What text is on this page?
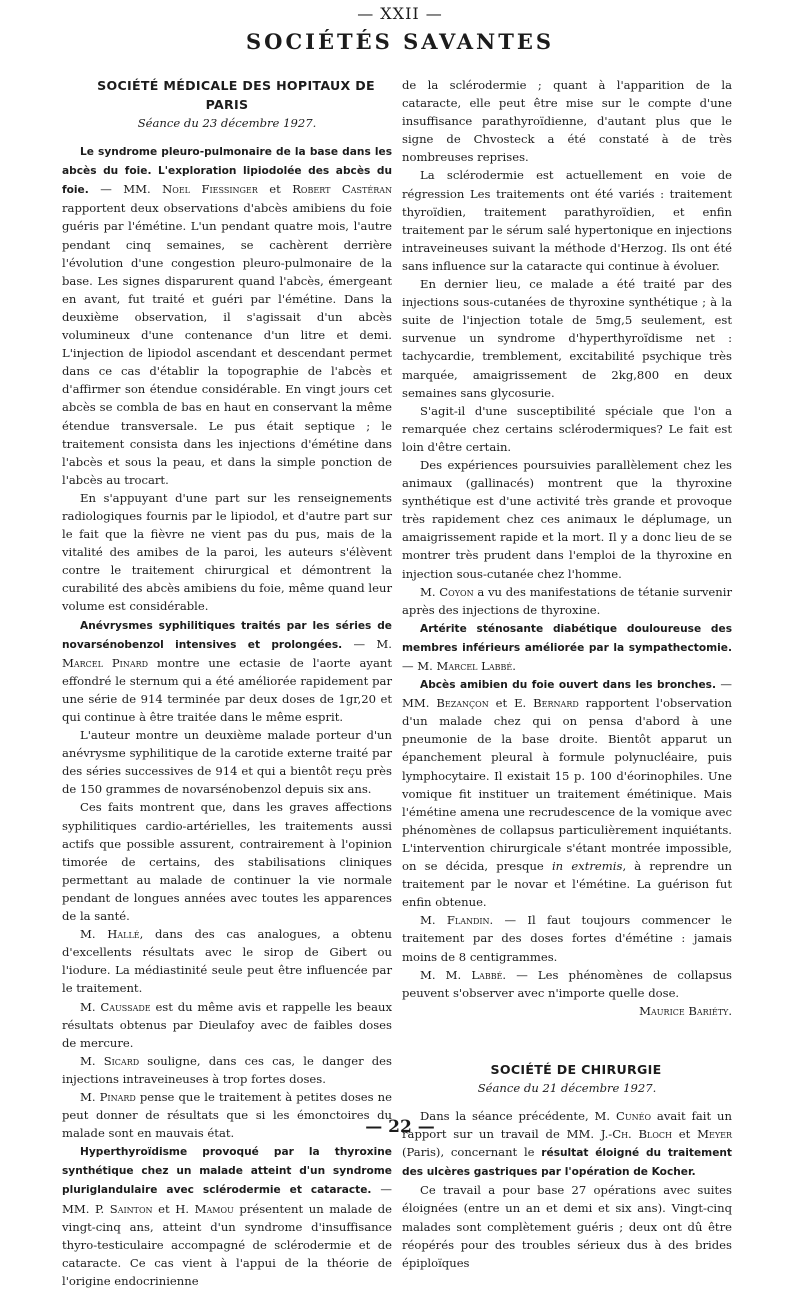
— XXII —
SOCIÉTÉS SAVANTES

SOCIÉTÉ MÉDICALE DES HOPITAUX DE PARIS

Séance du 23 décembre 1927.

Le syndrome pleuro-pulmonaire de la base dans les abcès du foie. L'exploration lipiodolée des abcès du foie. — MM. Noel Fiessinger et Robert Castéran rapportent deux observations d'abcès amibiens du foie guéris par l'émétine. L'un pendant quatre mois, l'autre pendant cinq semaines, se cachèrent derrière l'évolution d'une congestion pleuro-pulmonaire de la base. Les signes disparurent quand l'abcès, émergeant en avant, fut traité et guéri par l'émétine. Dans la deuxième observation, il s'agissait d'un abcès volumineux d'une contenance d'un litre et demi. L'injection de lipiodol ascendant et descendant permet dans ce cas d'établir la topographie de l'abcès et d'affirmer son étendue considérable. En vingt jours cet abcès se combla de bas en haut en conservant la même étendue transversale. Le pus était septique ; le traitement consista dans les injections d'émétine dans l'abcès et sous la peau, et dans la simple ponction de l'abcès au trocart.

En s'appuyant d'une part sur les renseignements radiologiques fournis par le lipiodol, et d'autre part sur le fait que la fièvre ne vient pas du pus, mais de la vitalité des amibes de la paroi, les auteurs s'élèvent contre le traitement chirurgical et démontrent la curabilité des abcès amibiens du foie, même quand leur volume est considérable.

Anévrysmes syphilitiques traités par les séries de novarsénobenzol intensives et prolongées. — M. Marcel Pinard montre une ectasie de l'aorte ayant effondré le sternum qui a été améliorée rapidement par une série de 914 terminée par deux doses de 1gr,20 et qui continue à être traitée dans le même esprit.

L'auteur montre un deuxième malade porteur d'un anévrysme syphilitique de la carotide externe traité par des séries successives de 914 et qui a bientôt reçu près de 150 grammes de novarsénobenzol depuis six ans.

Ces faits montrent que, dans les graves affections syphilitiques cardio-artérielles, les traitements aussi actifs que possible assurent, contrairement à l'opinion timorée de certains, des stabilisations cliniques permettant au malade de continuer la vie normale pendant de longues années avec toutes les apparences de la santé.

M. Hallé, dans des cas analogues, a obtenu d'excellents résultats avec le sirop de Gibert ou l'iodure. La médiastinité seule peut être influencée par le traitement.

M. Caussade est du même avis et rappelle les beaux résultats obtenus par Dieulafoy avec de faibles doses de mercure.

M. Sicard souligne, dans ces cas, le danger des injections intraveineuses à trop fortes doses.

M. Pinard pense que le traitement à petites doses ne peut donner de résultats que si les émonctoires du malade sont en mauvais état.

Hyperthyroïdisme provoqué par la thyroxine synthétique chez un malade atteint d'un syndrome pluriglandulaire avec sclérodermie et cataracte. — MM. P. Sainton et H. Mamou présentent un malade de vingt-cinq ans, atteint d'un syndrome d'insuffisance thyro-testiculaire accompagné de sclérodermie et de cataracte. Ce cas vient à l'appui de la théorie de l'origine endocrinienne

de la sclérodermie ; quant à l'apparition de la cataracte, elle peut être mise sur le compte d'une insuffisance parathyroïdienne, d'autant plus que le signe de Chvosteck a été constaté à de très nombreuses reprises.

La sclérodermie est actuellement en voie de régression Les traitements ont été variés : traitement thyroïdien, traitement parathyroïdien, et enfin traitement par le sérum salé hypertonique en injections intraveineuses suivant la méthode d'Herzog. Ils ont été sans influence sur la cataracte qui continue à évoluer.

En dernier lieu, ce malade a été traité par des injections sous-cutanées de thyroxine synthétique ; à la suite de l'injection totale de 5mg,5 seulement, est survenue un syndrome d'hyperthyroïdisme net : tachycardie, tremblement, excitabilité psychique très marquée, amaigrissement de 2kg,800 en deux semaines sans glycosurie.

S'agit-il d'une susceptibilité spéciale que l'on a remarquée chez certains sclérodermiques? Le fait est loin d'être certain.

Des expériences poursuivies parallèlement chez les animaux (gallinacés) montrent que la thyroxine synthétique est d'une activité très grande et provoque très rapidement chez ces animaux le déplumage, un amaigrissement rapide et la mort. Il y a donc lieu de se montrer très prudent dans l'emploi de la thyroxine en injection sous-cutanée chez l'homme.

M. Coyon a vu des manifestations de tétanie survenir après des injections de thyroxine.

Artérite sténosante diabétique douloureuse des membres inférieurs améliorée par la sympathectomie. — M. Marcel Labbé.

Abcès amibien du foie ouvert dans les bronches. — MM. Bezançon et E. Bernard rapportent l'observation d'un malade chez qui on pensa d'abord à une pneumonie de la base droite. Bientôt apparut un épanchement pleural à formule polynucléaire, puis lymphocytaire. Il existait 15 p. 100 d'éorinophiles. Une vomique fit instituer un traitement émétinique. Mais l'émétine amena une recrudescence de la vomique avec phénomènes de collapsus particulièrement inquiétants. L'intervention chirurgicale s'étant montrée impossible, on se décida, presque in extremis, à reprendre un traitement par le novar et l'émétine. La guérison fut enfin obtenue.

M. Flandin. — Il faut toujours commencer le traitement par des doses fortes d'émétine : jamais moins de 8 centigrammes.

M. M. Labbé. — Les phénomènes de collapsus peuvent s'observer avec n'importe quelle dose.

Maurice Bariéty.

SOCIÉTÉ DE CHIRURGIE

Séance du 21 décembre 1927.

Dans la séance précédente, M. Cunéo avait fait un rapport sur un travail de MM. J.-Ch. Bloch et Meyer (Paris), concernant le résultat éloigné du traitement des ulcères gastriques par l'opération de Kocher.

Ce travail a pour base 27 opérations avec suites éloignées (entre un an et demi et six ans). Vingt-cinq malades sont complètement guéris ; deux ont dû être réopérés pour des troubles sérieux dus à des brides épiploïques

— 22 —
